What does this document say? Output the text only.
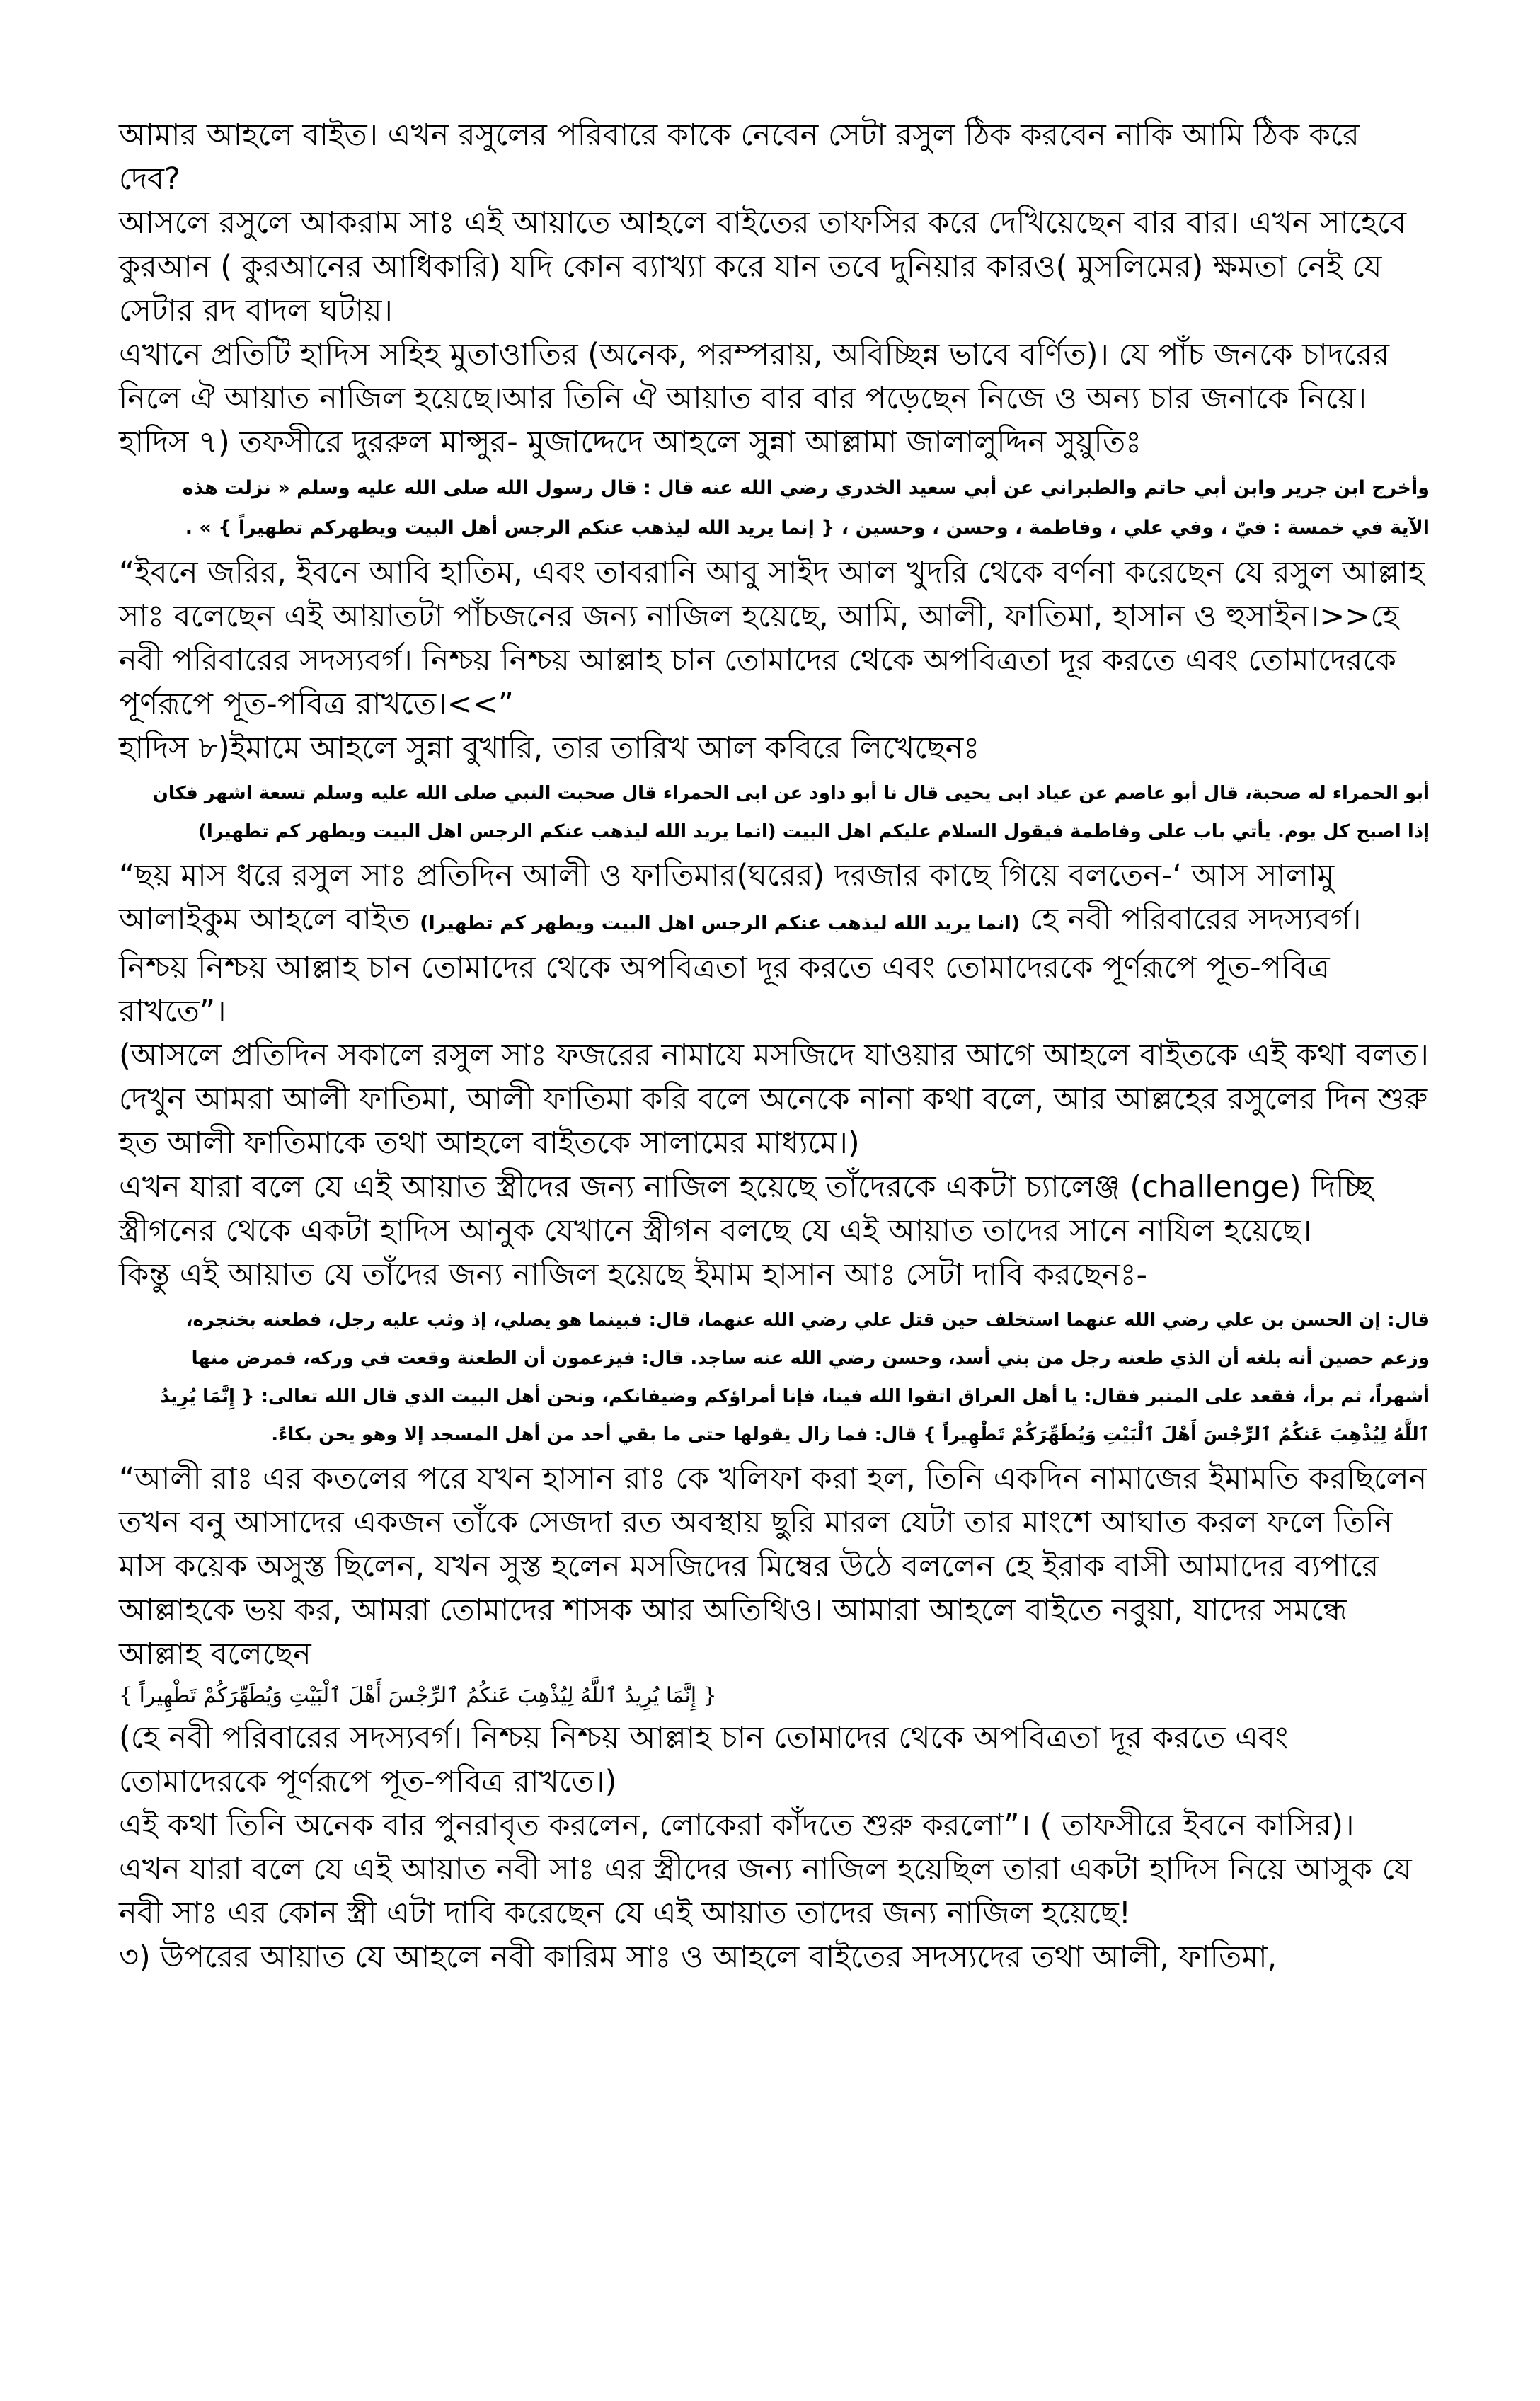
আমার আহলে বাইত। এখন রসুলের পরিবারে কাকে নেবেন সেটা রসুল ঠিক করবেন নাকি আমি ঠিক করে দেব?

আসলে রসুলে আকরাম সাঃ এই আয়াতে আহলে বাইতের তাফসির করে দেখিয়েছেন বার বার। এখন সাহেবে কুরআন ( কুরআনের আধিকারি) যদি কোন ব্যাখ্যা করে যান তবে দুনিয়ার কারও( মুসলিমের) ক্ষমতা নেই যে সেটার রদ বাদল ঘটায়।

এখানে প্রতিটি হাদিস সহিহ মুতাওাতির (অনেক, পরম্পরায়, অবিচ্ছিন্ন ভাবে বর্ণিত)। যে পাঁচ জনকে চাদরের নিলে ঐ আয়াত নাজিল হয়েছে।আর তিনি ঐ আয়াত বার বার পড়েছেন নিজে ও অন্য চার জনাকে নিয়ে।

হাদিস ৭) তফসীরে দুররুল মান্সুর- মুজাদ্দেদে আহলে সুন্না আল্লামা জালালুদ্দিন সুয়ুতিঃ

وأخرج ابن جرير وابن أبي حاتم والطبراني عن أبي سعيد الخدري رضي الله عنه قال : قال رسول الله صلى الله عليه وسلم « نزلت هذه الآية في خمسة : فيّ ، وفي علي ، وفاطمة ، وحسن ، وحسين ، { إنما يريد الله ليذهب عنكم الرجس أهل البيت ويطهركم تطهيراً } » .

“ইবনে জরির, ইবনে আবি হাতিম, এবং তাবরানি আবু সাইদ আল খুদরি থেকে বর্ণনা করেছেন যে রসুল আল্লাহ সাঃ বলেছেন এই আয়াতটা পাঁচজনের জন্য নাজিল হয়েছে, আমি, আলী, ফাতিমা, হাসান ও হুসাইন।>>হে নবী পরিবারের সদস্যবর্গ। নিশ্চয় নিশ্চয় আল্লাহ চান তোমাদের থেকে অপবিত্রতা দূর করতে এবং তোমাদেরকে পূর্ণরূপে পূত-পবিত্র রাখতে।<<”

হাদিস ৮)ইমামে আহলে সুন্না বুখারি, তার তারিখ আল কবিরে লিখেছেনঃ

أبو الحمراء له صحبة، قال أبو عاصم عن عياد ابى يحيى قال نا أبو داود عن ابى الحمراء قال صحبت النبي صلى الله عليه وسلم تسعة اشهر فكان إذا اصبح كل يوم. يأتي باب على وفاطمة فيقول السلام عليكم اهل البيت (انما يريد الله ليذهب عنكم الرجس اهل البيت ويطهر كم تطهيرا)

“ছয় মাস ধরে রসুল সাঃ প্রতিদিন আলী ও ফাতিমার(ঘরের) দরজার কাছে গিয়ে বলতেন-‘ আস সালামু আলাইকুম আহলে বাইত (انما يريد الله ليذهب عنكم الرجس اهل البيت ويطهر كم تطهيرا) হে নবী পরিবারের সদস্যবর্গ। নিশ্চয় নিশ্চয় আল্লাহ চান তোমাদের থেকে অপবিত্রতা দূর করতে এবং তোমাদেরকে পূর্ণরূপে পূত-পবিত্র রাখতে”।

(আসলে প্রতিদিন সকালে রসুল সাঃ ফজরের নামাযে মসজিদে যাওয়ার আগে আহলে বাইতকে এই কথা বলত। দেখুন আমরা আলী ফাতিমা, আলী ফাতিমা করি বলে অনেকে নানা কথা বলে, আর আল্লহের রসুলের দিন শুরু হত আলী ফাতিমাকে তথা আহলে বাইতকে সালামের মাধ্যমে।)

এখন যারা বলে যে এই আয়াত স্ত্রীদের জন্য নাজিল হয়েছে তাঁদেরকে একটা চ্যালেঞ্জ (challenge) দিচ্ছি স্ত্রীগনের থেকে একটা হাদিস আনুক যেখানে স্ত্রীগন বলছে যে এই আয়াত তাদের সানে নাযিল হয়েছে।

কিন্তু এই আয়াত যে তাঁদের জন্য নাজিল হয়েছে ইমাম হাসান আঃ সেটা দাবি করছেনঃ-

قال: إن الحسن بن علي رضي الله عنهما استخلف حين قتل علي رضي الله عنهما، قال: فبينما هو يصلي، إذ وثب عليه رجل، فطعنه بخنجره، وزعم حصين أنه بلغه أن الذي طعنه رجل من بني أسد، وحسن رضي الله عنه ساجد. قال: فيزعمون أن الطعنة وقعت في وركه، فمرض منها أشهراً، ثم برأ، فقعد على المنبر فقال: يا أهل العراق اتقوا الله فينا، فإنا أمراؤكم وضيفانكم، ونحن أهل البيت الذي قال الله تعالى: { إِنَّمَا يُرِيدُ ٱللَّهُ لِيُذْهِبَ عَنكُمُ ٱلرِّجْسَ أَهْلَ ٱلْبَيْتِ وَيُطَهِّرَكُمْ تَطْهِيراً } قال: فما زال يقولها حتى ما بقي أحد من أهل المسجد إلا وهو يحن بكاءً.

“আলী রাঃ এর কতলের পরে যখন হাসান রাঃ কে খলিফা করা হল, তিনি একদিন নামাজের ইমামতি করছিলেন তখন বনু আসাদের একজন তাঁকে সেজদা রত অবস্থায় ছুরি মারল যেটা তার মাংশে আঘাত করল ফলে তিনি মাস কয়েক অসুস্ত ছিলেন, যখন সুস্ত হলেন মসজিদের মিম্বের উঠে বললেন হে ইরাক বাসী আমাদের ব্যপারে আল্লাহকে ভয় কর, আমরা তোমাদের শাসক আর অতিথিও। আমারা আহলে বাইতে নবুয়া, যাদের সমন্ধে আল্লাহ বলেছেন

{ إِنَّمَا يُرِيدُ ٱللَّهُ لِيُذْهِبَ عَنكُمُ ٱلرِّجْسَ أَهْلَ ٱلْبَيْتِ وَيُطَهِّرَكُمْ تَطْهِيراً }

(হে নবী পরিবারের সদস্যবর্গ। নিশ্চয় নিশ্চয় আল্লাহ চান তোমাদের থেকে অপবিত্রতা দূর করতে এবং তোমাদেরকে পূর্ণরূপে পূত-পবিত্র রাখতে।)

এই কথা তিনি অনেক বার পুনরাবৃত করলেন, লোকেরা কাঁদতে শুরু করলো”। ( তাফসীরে ইবনে কাসির)।

এখন যারা বলে যে এই আয়াত নবী সাঃ এর স্ত্রীদের জন্য নাজিল হয়েছিল তারা একটা হাদিস নিয়ে আসুক যে নবী সাঃ এর কোন স্ত্রী এটা দাবি করেছেন যে এই আয়াত তাদের জন্য নাজিল হয়েছে!

৩) উপরের আয়াত যে আহলে নবী কারিম সাঃ ও আহলে বাইতের সদস্যদের তথা আলী, ফাতিমা,
